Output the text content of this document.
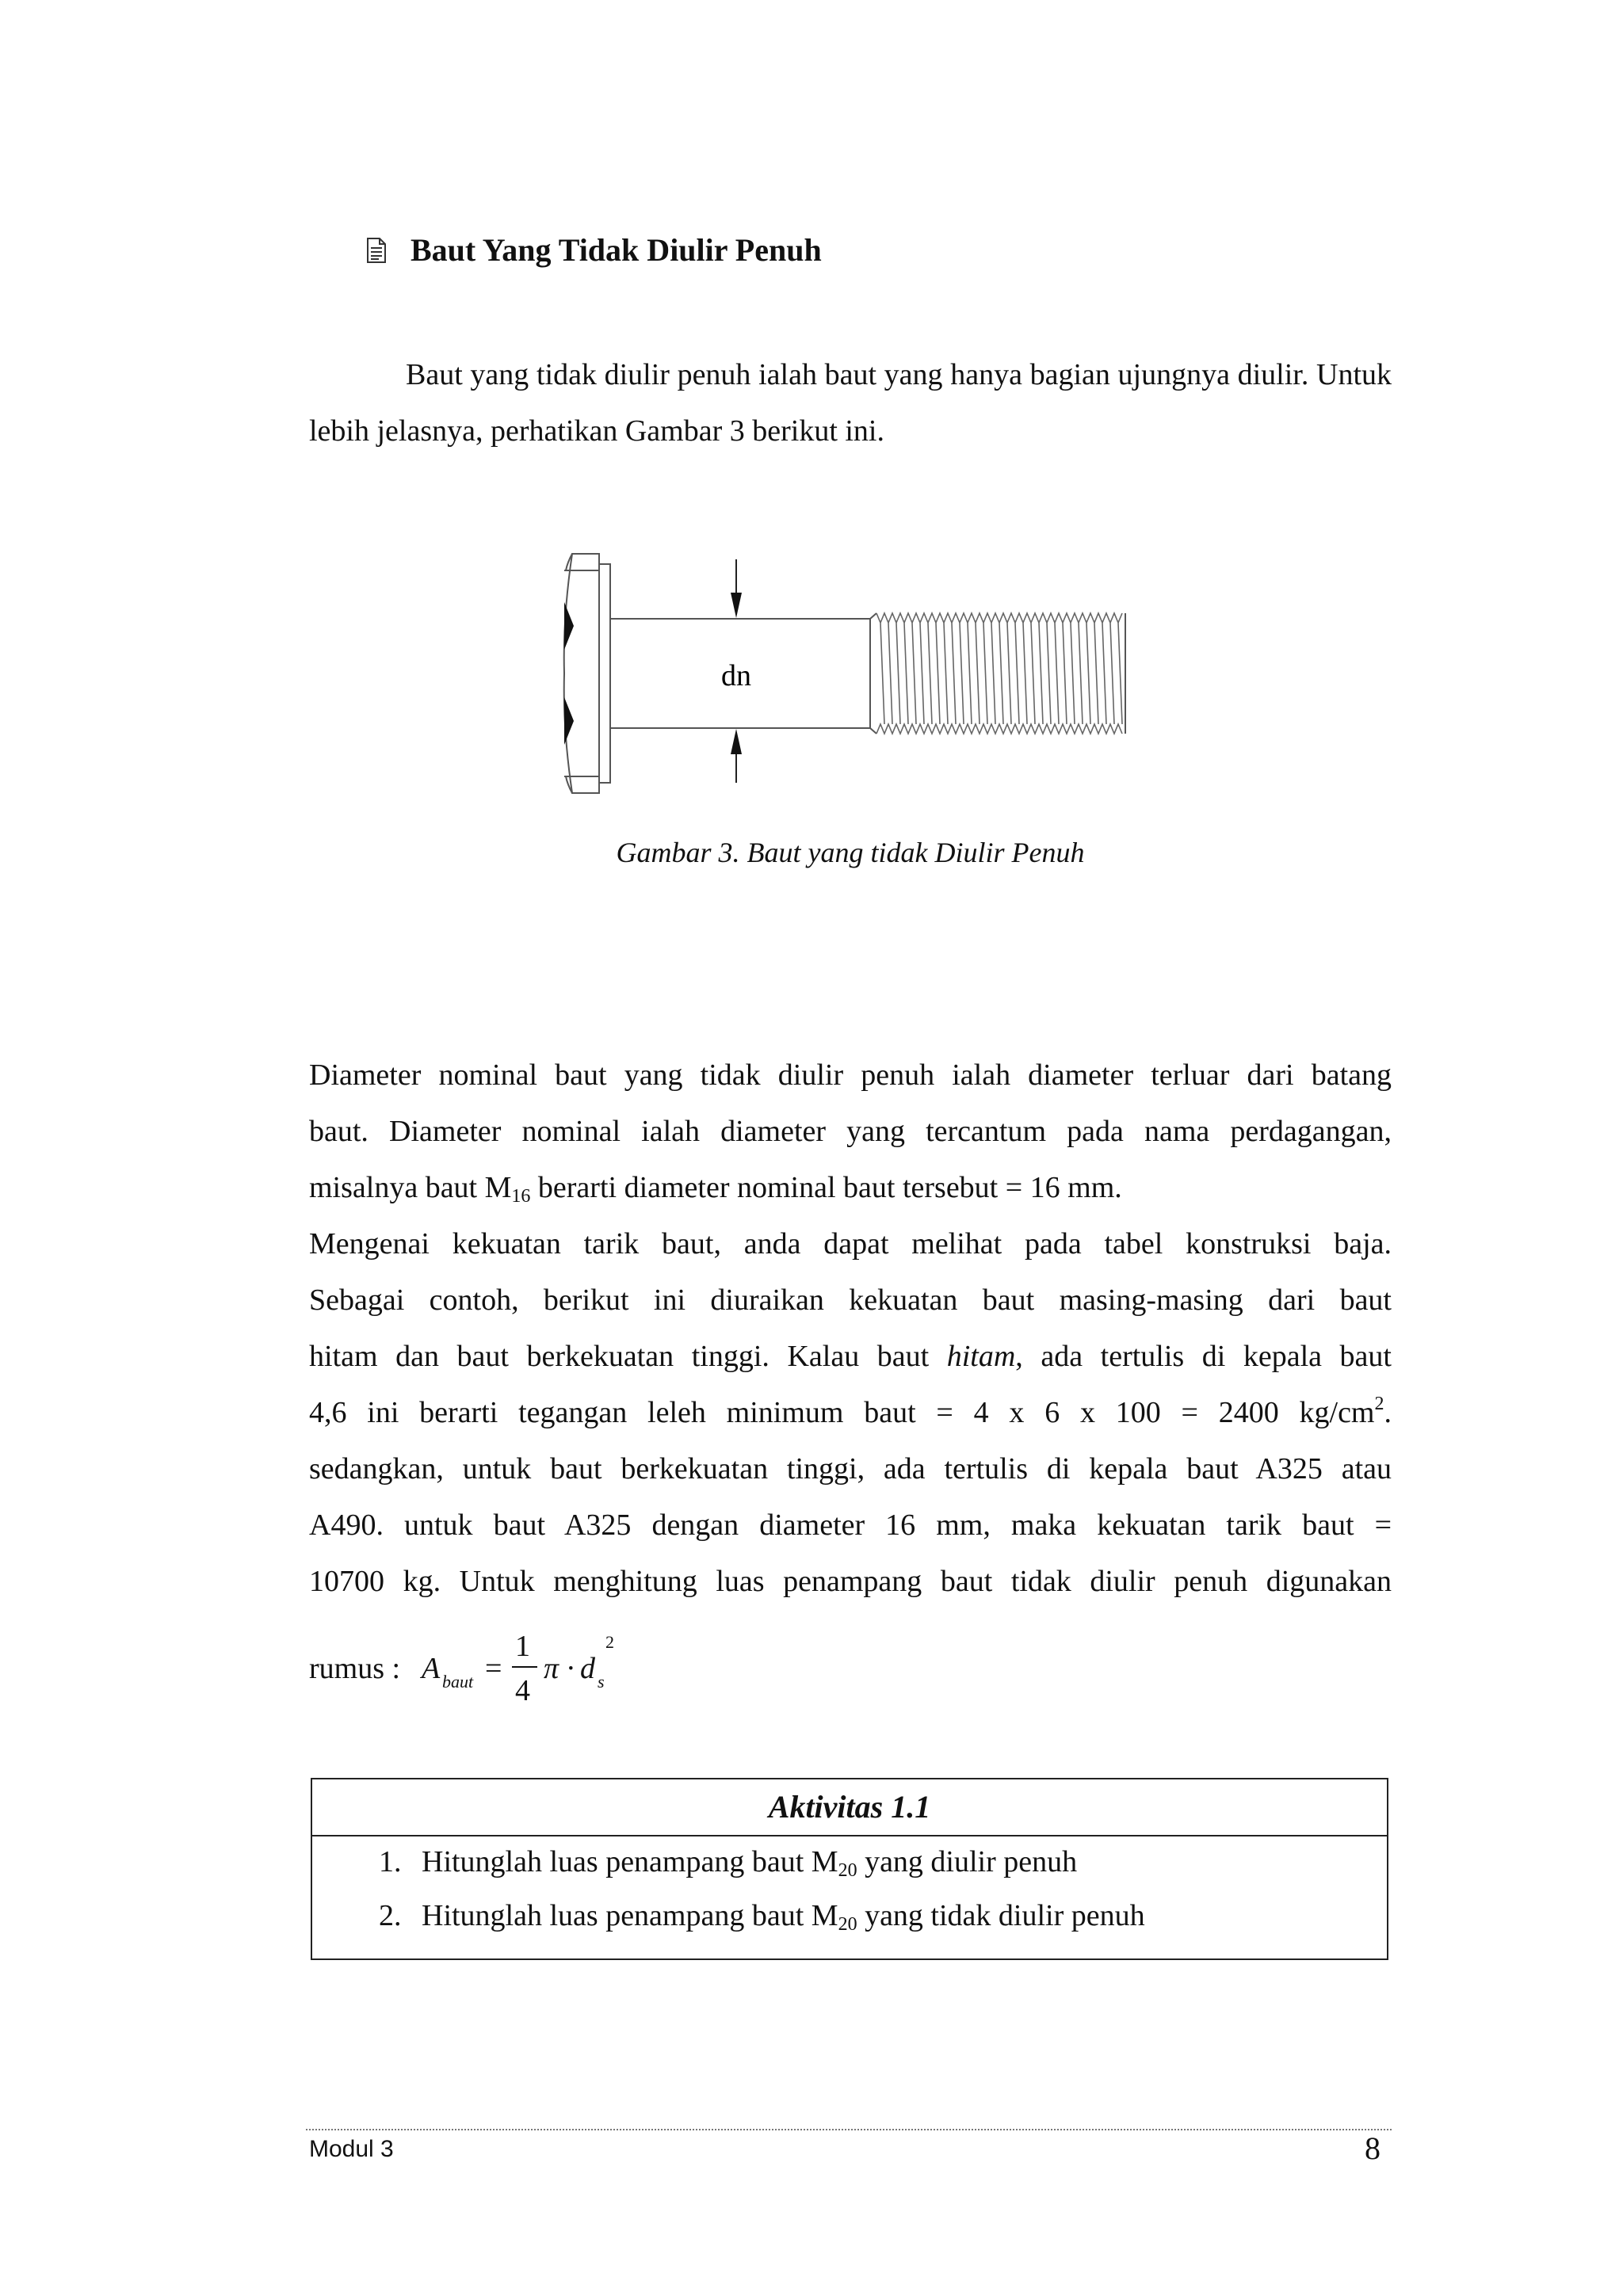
Baut Yang Tidak Diulir Penuh

Baut yang tidak diulir penuh ialah baut yang hanya bagian ujungnya diulir. Untuk lebih jelasnya, perhatikan Gambar 3 berikut ini.

dn
Gambar 3. Baut yang tidak Diulir Penuh
Diameter nominal baut yang tidak diulir penuh ialah diameter terluar dari batang
baut. Diameter nominal ialah diameter yang tercantum pada nama perdagangan,
misalnya baut $M_{16}$ berarti diameter nominal baut tersebut = 16 mm.
Mengenai kekuatan tarik baut, anda dapat melihat pada tabel konstruksi baja.
Sebagai contoh, berikut ini diuraikan kekuatan baut masing-masing dari baut
hitam dan baut berkekuatan tinggi. Kalau baut hitam, ada tertulis di kepala baut
4,6 ini berarti tegangan leleh minimum baut = 4 x 6 x 100 = 2400 $kg/cm^2$.
sedangkan, untuk baut berkekuatan tinggi, ada tertulis di kepala baut A325 atau
A490. untuk baut A325 dengan diameter 16 mm, maka kekuatan tarik baut =
10700 kg. Untuk menghitung luas penampang baut tidak diulir penuh digunakan
rumus : A baut =
1
4
π · d s
2
Aktivitas 1.1
1. Hitunglah luas penampang baut $M_{20}$ yang diulir penuh
2. Hitunglah luas penampang baut $M_{20}$ yang tidak diulir penuh
Modul 3	8
